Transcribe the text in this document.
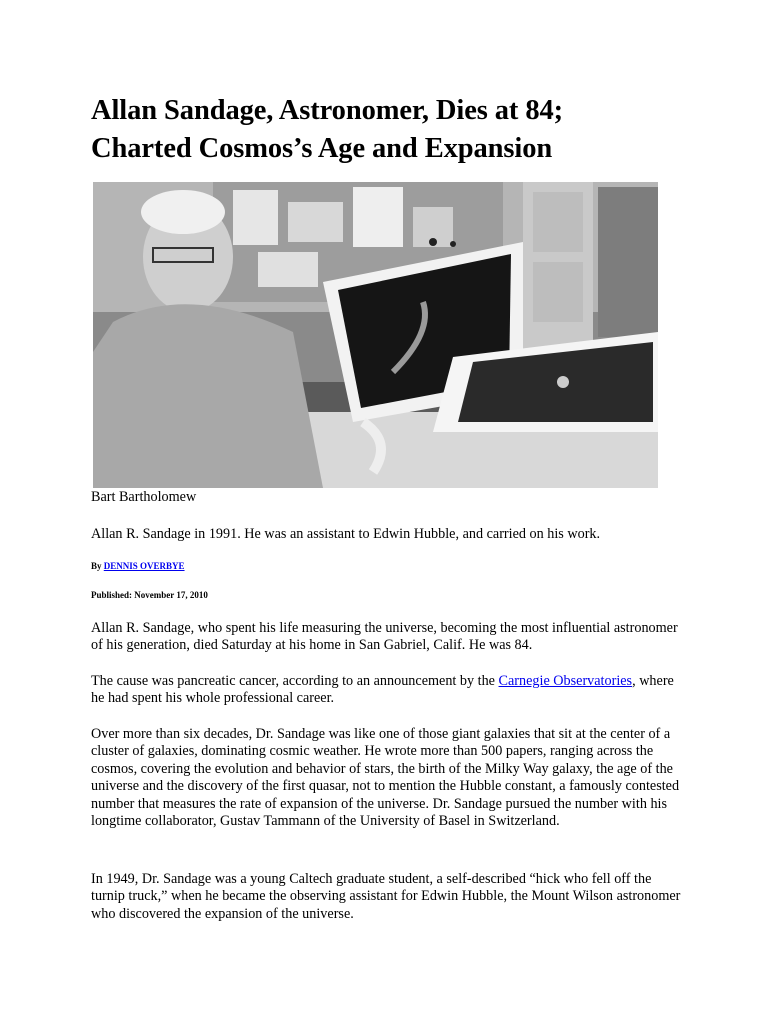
Allan Sandage, Astronomer, Dies at 84;
Charted Cosmos’s Age and Expansion
Bart Bartholomew
Allan R. Sandage in 1991. He was an assistant to Edwin Hubble, and carried on his work.
By DENNIS OVERBYE
Published: November 17, 2010

Allan R. Sandage, who spent his life measuring the universe, becoming the most influential astronomer of his generation, died Saturday at his home in San Gabriel, Calif. He was 84.

The cause was pancreatic cancer, according to an announcement by the Carnegie Observatories, where he had spent his whole professional career.

Over more than six decades, Dr. Sandage was like one of those giant galaxies that sit at the center of a cluster of galaxies, dominating cosmic weather. He wrote more than 500 papers, ranging across the cosmos, covering the evolution and behavior of stars, the birth of the Milky Way galaxy, the age of the universe and the discovery of the first quasar, not to mention the Hubble constant, a famously contested number that measures the rate of expansion of the universe. Dr. Sandage pursued the number with his longtime collaborator, Gustav Tammann of the University of Basel in Switzerland.

In 1949, Dr. Sandage was a young Caltech graduate student, a self-described “hick who fell off the turnip truck,” when he became the observing assistant for Edwin Hubble, the Mount Wilson astronomer who discovered the expansion of the universe.
